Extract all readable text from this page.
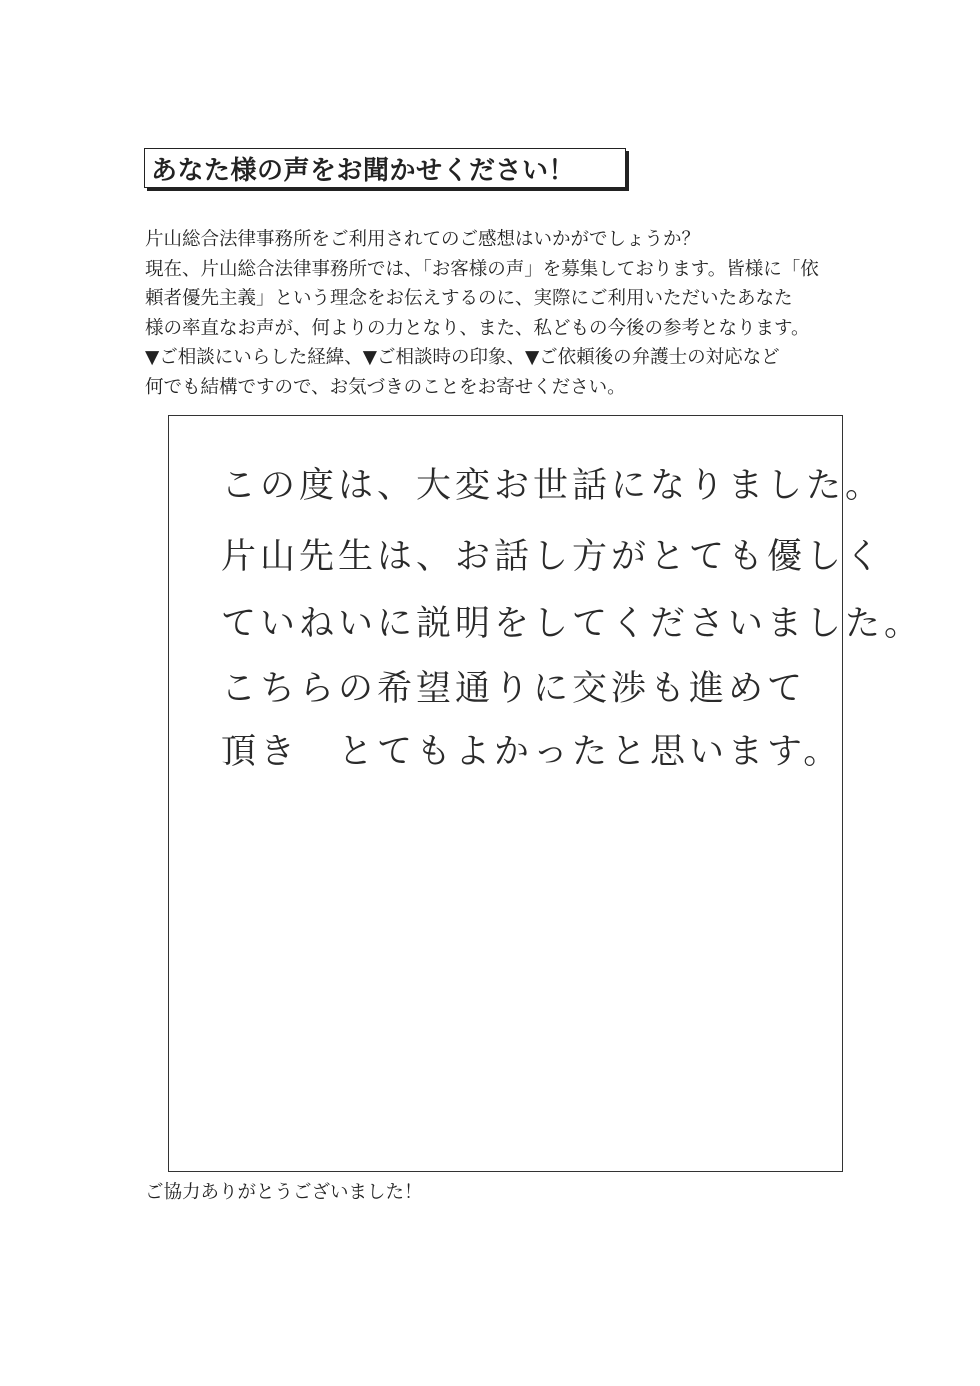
あなた様の声をお聞かせください！
片山総合法律事務所をご利用されてのご感想はいかがでしょうか？
現在、片山総合法律事務所では、「お客様の声」を募集しております。皆様に「依
頼者優先主義」という理念をお伝えするのに、実際にご利用いただいたあなた
様の率直なお声が、何よりの力となり、また、私どもの今後の参考となります。
▼ご相談にいらした経緯、▼ご相談時の印象、▼ご依頼後の弁護士の対応など
何でも結構ですので、お気づきのことをお寄せください。
この度は、大変お世話になりました。
片山先生は、お話し方がとても優しく
ていねいに説明をしてくださいました。
こちらの希望通りに交渉も進めて
頂き　とてもよかったと思います。
ご協力ありがとうございました！
